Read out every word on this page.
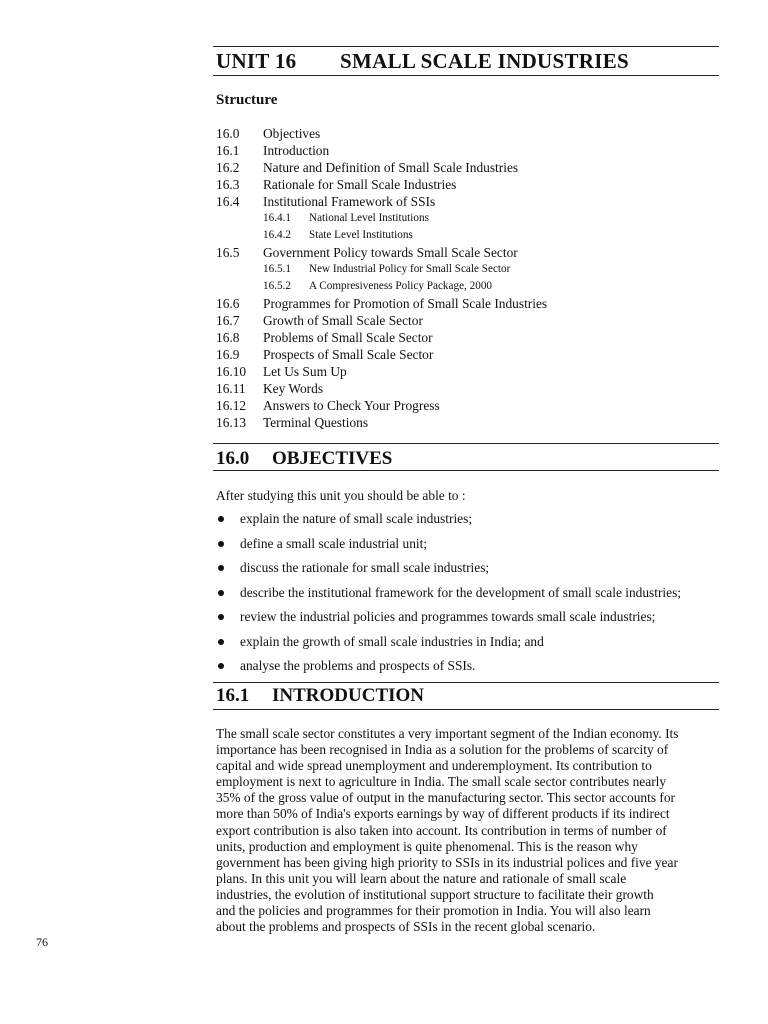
UNIT 16 SMALL SCALE INDUSTRIES
Structure
16.0 Objectives
16.1 Introduction
16.2 Nature and Definition of Small Scale Industries
16.3 Rationale for Small Scale Industries
16.4 Institutional Framework of SSIs
16.4.1 National Level Institutions
16.4.2 State Level Institutions
16.5 Government Policy towards Small Scale Sector
16.5.1 New Industrial Policy for Small Scale Sector
16.5.2 A Compresiveness Policy Package, 2000
16.6 Programmes for Promotion of Small Scale Industries
16.7 Growth of Small Scale Sector
16.8 Problems of Small Scale Sector
16.9 Prospects of Small Scale Sector
16.10 Let Us Sum Up
16.11 Key Words
16.12 Answers to Check Your Progress
16.13 Terminal Questions
16.0 OBJECTIVES
After studying this unit you should be able to :
explain the nature of small scale industries;
define a small scale industrial unit;
discuss the rationale for small scale industries;
describe the institutional framework for the development of small scale industries;
review the industrial policies and programmes towards small scale industries;
explain the growth of small scale industries in India; and
analyse the problems and prospects of SSIs.
16.1 INTRODUCTION
The small scale sector constitutes a very important segment of the Indian economy. Its
importance has been recognised in India as a solution for the problems of scarcity of
capital and wide spread unemployment and underemployment. Its contribution to
employment is next to agriculture in India. The small scale sector contributes nearly
35% of the gross value of output in the manufacturing sector. This sector accounts for
more than 50% of India's exports earnings by way of different products if its indirect
export contribution is also taken into account. Its contribution in terms of number of
units, production and employment is quite phenomenal. This is the reason why
government has been giving high priority to SSIs in its industrial polices and five year
plans. In this unit you will learn about the nature and rationale of small scale
industries, the evolution of institutional support structure to facilitate their growth
and the policies and programmes for their promotion in India. You will also learn
about the problems and prospects of SSIs in the recent global scenario.
76
